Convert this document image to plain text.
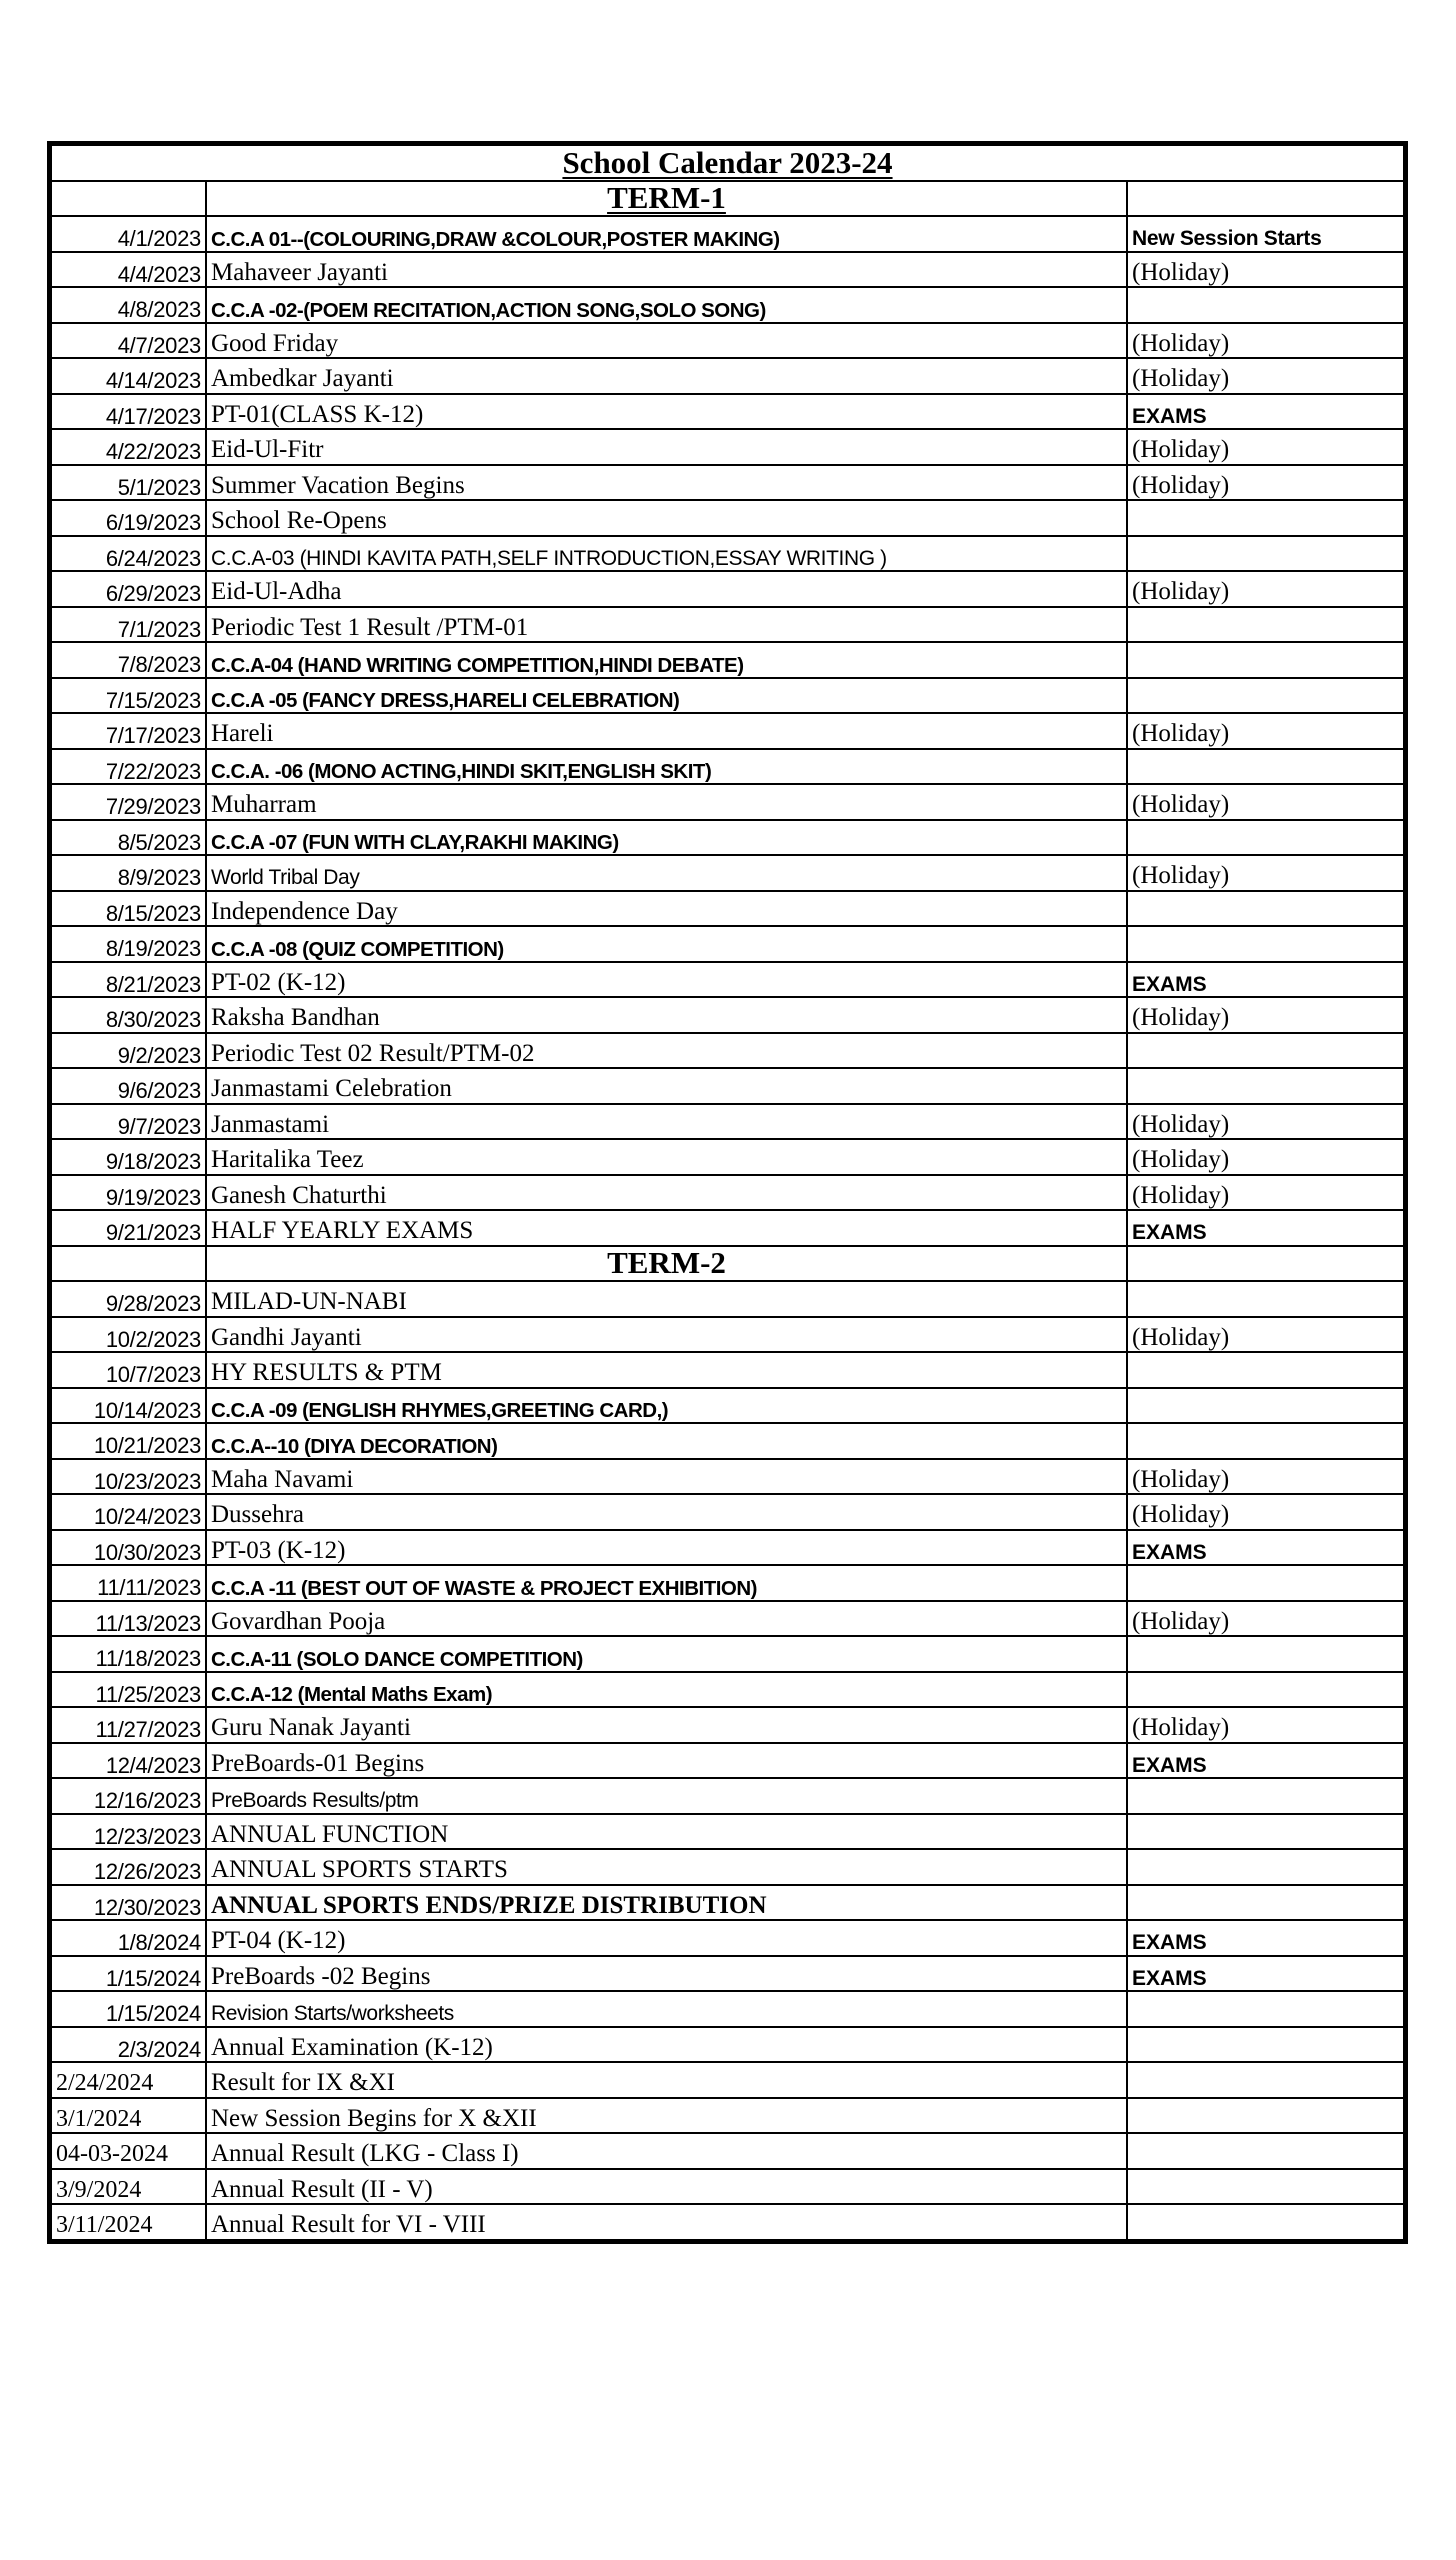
School Calendar 2023-24		
	TERM-1	
4/1/2023	C.C.A 01--(COLOURING,DRAW &COLOUR,POSTER MAKING)	New Session Starts
4/4/2023	Mahaveer Jayanti	(Holiday)
4/8/2023	C.C.A -02-(POEM RECITATION,ACTION SONG,SOLO SONG)	
4/7/2023	Good Friday	(Holiday)
4/14/2023	Ambedkar Jayanti	(Holiday)
4/17/2023	PT-01(CLASS K-12)	EXAMS
4/22/2023	Eid-Ul-Fitr	(Holiday)
5/1/2023	Summer Vacation Begins	(Holiday)
6/19/2023	School Re-Opens	
6/24/2023	C.C.A-03 (HINDI KAVITA PATH,SELF INTRODUCTION,ESSAY WRITING )	
6/29/2023	Eid-Ul-Adha	(Holiday)
7/1/2023	Periodic Test 1 Result /PTM-01	
7/8/2023	C.C.A-04 (HAND WRITING COMPETITION,HINDI DEBATE)	
7/15/2023	C.C.A -05 (FANCY DRESS,HARELI CELEBRATION)	
7/17/2023	Hareli	(Holiday)
7/22/2023	C.C.A. -06 (MONO ACTING,HINDI SKIT,ENGLISH SKIT)	
7/29/2023	Muharram	(Holiday)
8/5/2023	C.C.A -07 (FUN WITH CLAY,RAKHI MAKING)	
8/9/2023	World Tribal Day	(Holiday)
8/15/2023	Independence Day	
8/19/2023	C.C.A -08 (QUIZ COMPETITION)	
8/21/2023	PT-02 (K-12)	EXAMS
8/30/2023	Raksha Bandhan	(Holiday)
9/2/2023	Periodic Test 02 Result/PTM-02	
9/6/2023	Janmastami Celebration	
9/7/2023	Janmastami	(Holiday)
9/18/2023	Haritalika Teez	(Holiday)
9/19/2023	Ganesh Chaturthi	(Holiday)
9/21/2023	HALF YEARLY EXAMS	EXAMS
	TERM-2	
9/28/2023	MILAD-UN-NABI	
10/2/2023	Gandhi Jayanti	(Holiday)
10/7/2023	HY RESULTS & PTM	
10/14/2023	C.C.A -09 (ENGLISH RHYMES,GREETING CARD,)	
10/21/2023	C.C.A--10 (DIYA DECORATION)	
10/23/2023	Maha Navami	(Holiday)
10/24/2023	Dussehra	(Holiday)
10/30/2023	PT-03 (K-12)	EXAMS
11/11/2023	C.C.A -11 (BEST OUT OF WASTE & PROJECT EXHIBITION)	
11/13/2023	Govardhan Pooja	(Holiday)
11/18/2023	C.C.A-11 (SOLO DANCE COMPETITION)	
11/25/2023	C.C.A-12 (Mental Maths Exam)	
11/27/2023	Guru Nanak Jayanti	(Holiday)
12/4/2023	PreBoards-01 Begins	EXAMS
12/16/2023	PreBoards Results/ptm	
12/23/2023	ANNUAL FUNCTION	
12/26/2023	ANNUAL SPORTS STARTS	
12/30/2023	ANNUAL SPORTS ENDS/PRIZE DISTRIBUTION	
1/8/2024	PT-04 (K-12)	EXAMS
1/15/2024	PreBoards -02 Begins	EXAMS
1/15/2024	Revision Starts/worksheets	
2/3/2024	Annual Examination (K-12)	
2/24/2024	Result for IX &XI	
3/1/2024	New Session Begins for X &XII	
04-03-2024	Annual Result (LKG - Class I)	
3/9/2024	Annual Result (II - V)	
3/11/2024	Annual Result for VI - VIII	
